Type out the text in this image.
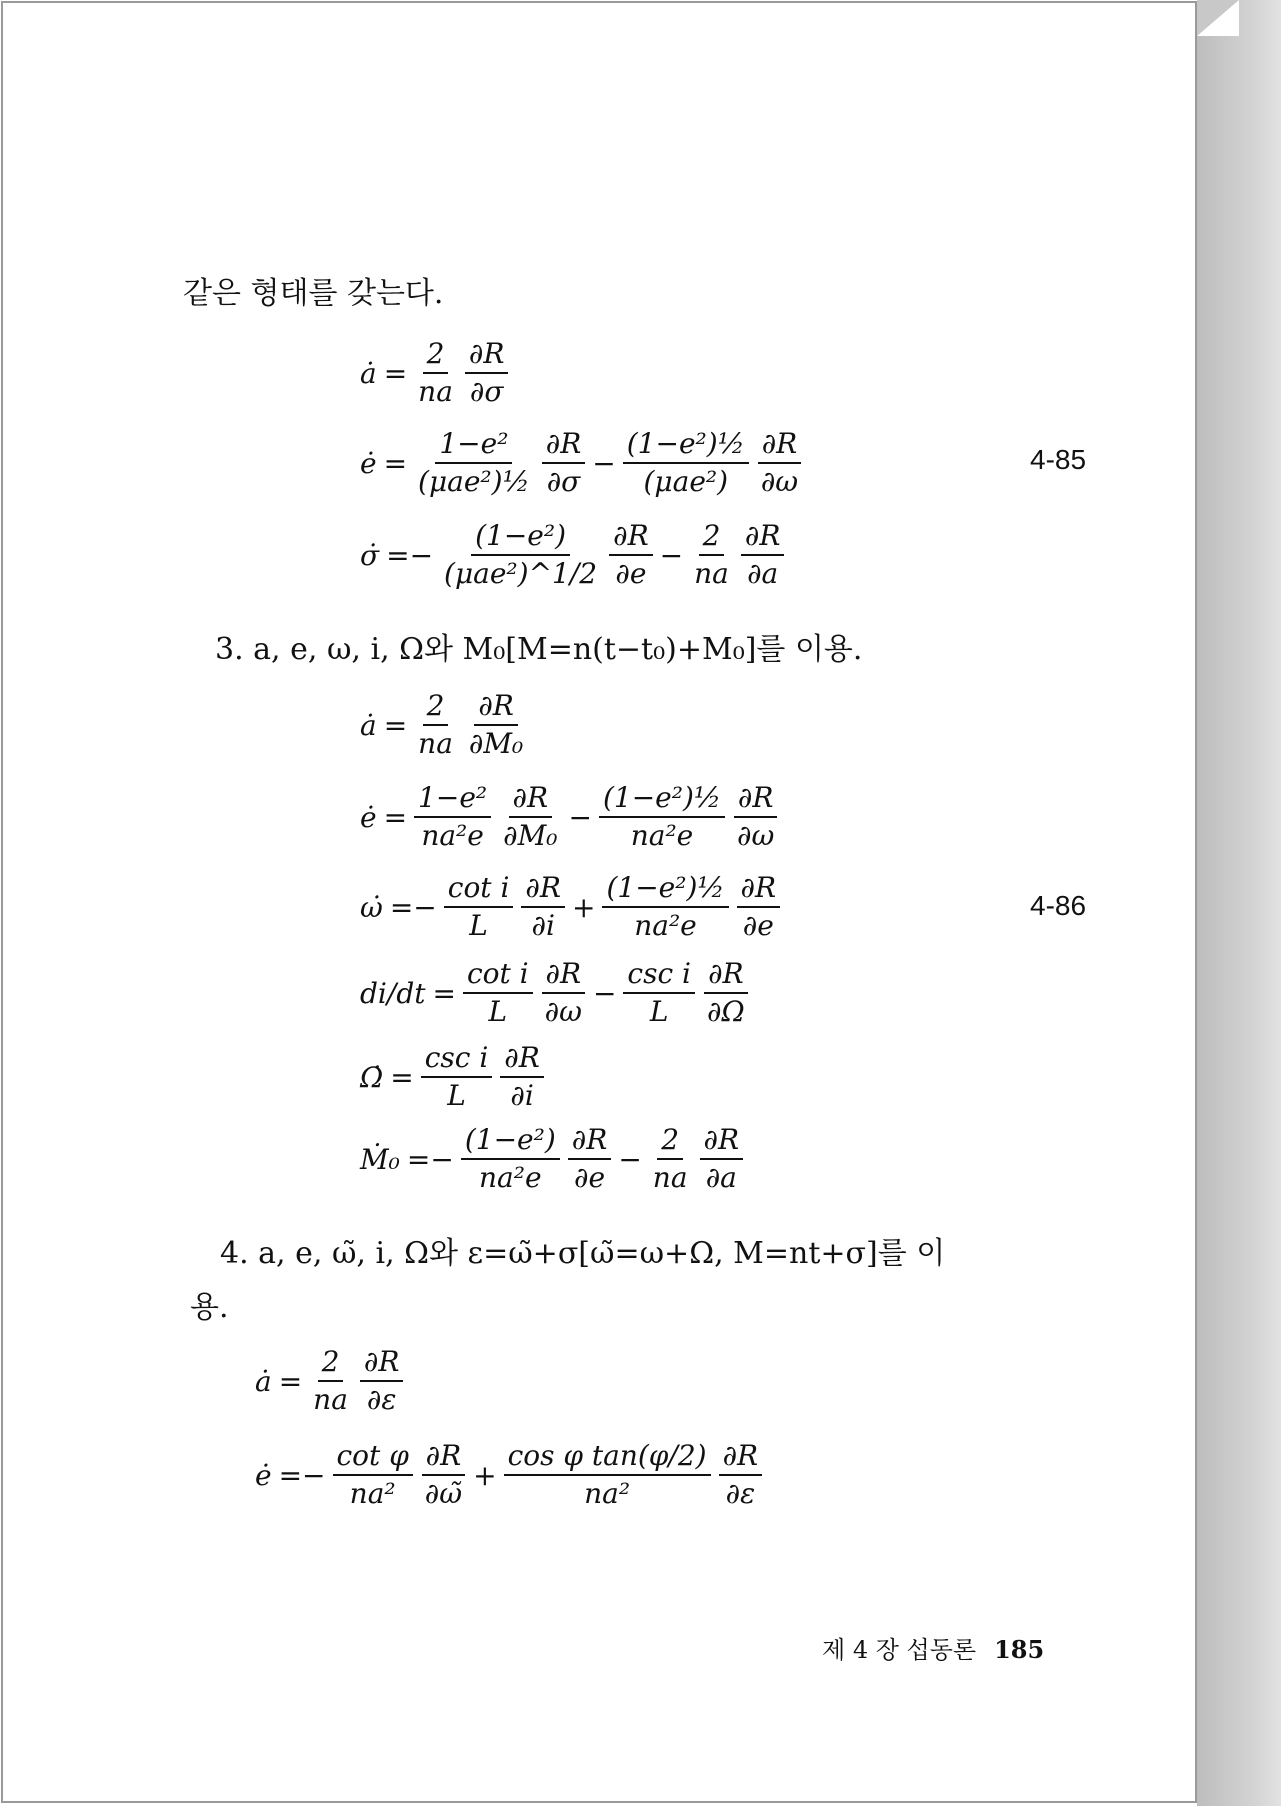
같은 형태를 갖는다.
ȧ = $\frac{2}{na} \frac{\partial R}{\partial\sigma}$
ė = $\frac{\text{1−e²}}{\text{(μae²)½}} \frac{\partial R}{\partial\sigma} - \frac{\text{(1−e²)½}}{\text{(μae²)}} \frac{\partial R}{\partial\omega}$
σ̇ =− $\frac{\text{(1−e²)}}{\text{(μae²)\textasciicircum{}1/2}} \frac{\partial R}{\partial e} - \frac{2}{na} \frac{\partial R}{\partial a}$
4-85
3. a, e, ω, i, Ω와 M₀[M=n(t−t₀)+M₀]를 이용.
ȧ = $\frac{2}{na} \frac{\partial R}{\text{∂M₀}}$
ė = $\frac{\text{1−e²}}{\text{na²e}} \frac{\partial R}{\text{∂M₀}} - \frac{\text{(1−e²)½}}{\text{na²e}} \frac{\partial R}{\partial\omega}$
ω̇ =− $\frac{\text{cot i}}{L} \frac{\partial R}{\partial i} + \frac{\text{(1−e²)½}}{\text{na²e}} \frac{\partial R}{\partial e}$
$di/dt = \frac{\text{cot i}}{L} \frac{\partial R}{\partial\omega} - \frac{\text{csc i}}{L} \frac{\partial R}{\partial\Omega}$
Ω̇ = $\frac{\text{csc i}}{L} \frac{\partial R}{\partial i}$
Ṁ₀ =− $\frac{\text{(1−e²)}}{\text{na²e}} \frac{\partial R}{\partial e} - \frac{2}{na} \frac{\partial R}{\partial a}$
4-86
4. a, e, ω̃, i, Ω와 ε=ω̃+σ[ω̃=ω+Ω, M=nt+σ]를 이
용.
ȧ = $\frac{2}{na} \frac{\partial R}{\partial\varepsilon}$
ė =− $\frac{\text{cot φ}}{\text{na²}} \frac{\partial R}{\partial\omegã} + \frac{\text{cos φ tan(φ/2)}}{\text{na²}} \frac{\partial R}{\partial\varepsilon}$
제 4 장 섭동론 185
